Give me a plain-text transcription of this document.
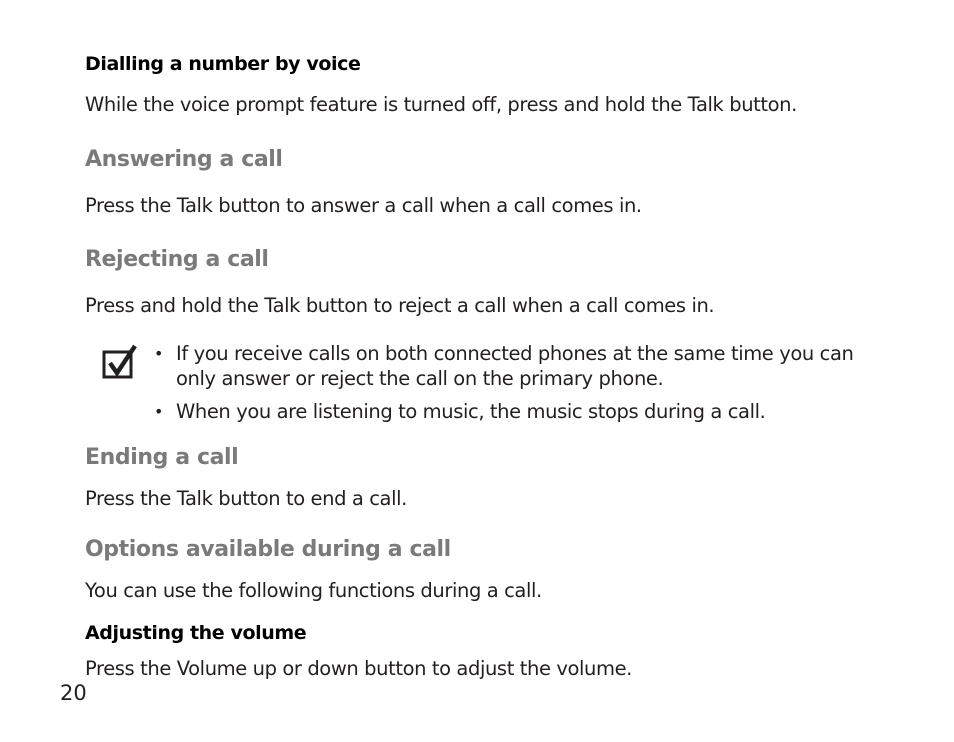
Dialling a number by voice

While the voice prompt feature is turned off, press and hold the Talk button.

Answering a call

Press the Talk button to answer a call when a call comes in.

Rejecting a call

Press and hold the Talk button to reject a call when a call comes in.

• If you receive calls on both connected phones at the same time you can

only answer or reject the call on the primary phone.

• When you are listening to music, the music stops during a call.

Ending a call

Press the Talk button to end a call.

Options available during a call

You can use the following functions during a call.

Adjusting the volume

Press the Volume up or down button to adjust the volume.

20
